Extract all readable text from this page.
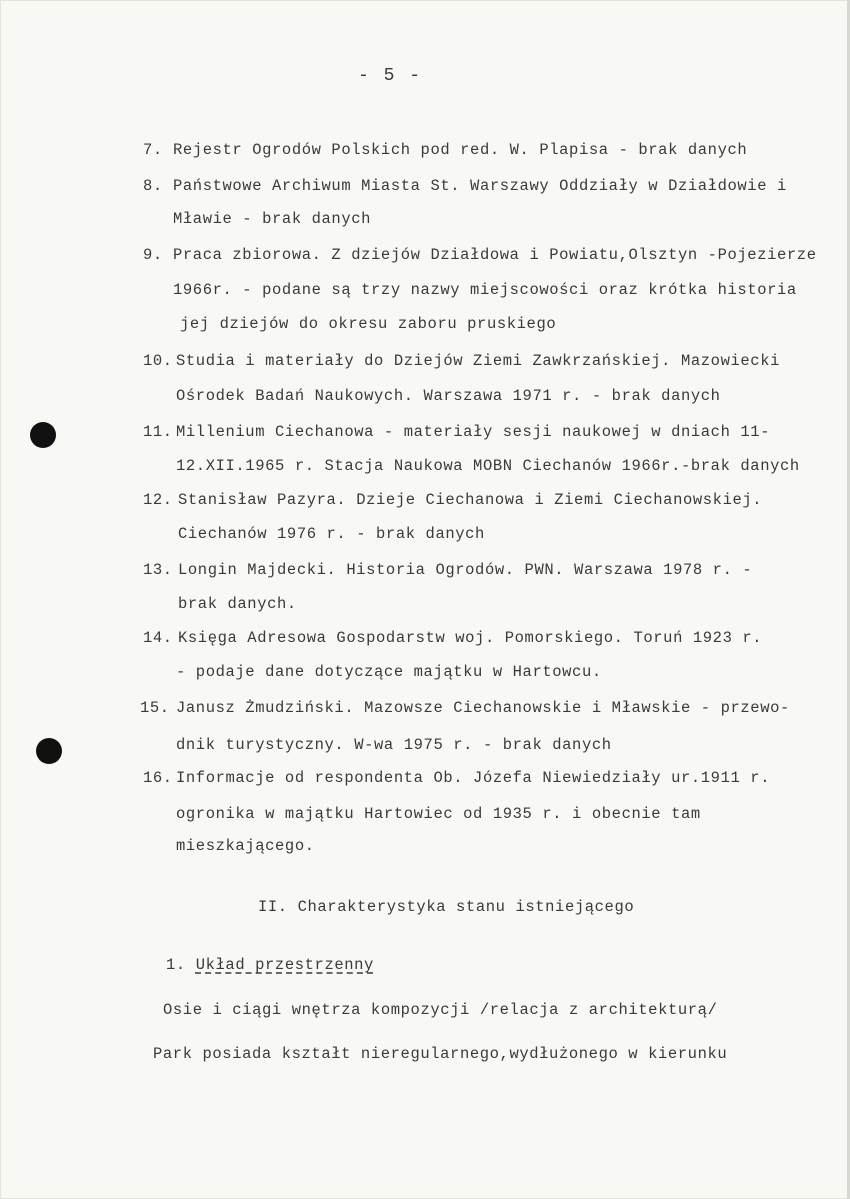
- 5 -
7. Rejestr Ogrodów Polskich pod red. W. Plapisa - brak danych
8. Państwowe Archiwum Miasta St. Warszawy Oddziały w Działdowie i
Mławie - brak danych
9. Praca zbiorowa. Z dziejów Działdowa i Powiatu,Olsztyn -Pojezierze
1966r. - podane są trzy nazwy miejscowości oraz krótka historia
jej dziejów do okresu zaboru pruskiego
10. Studia i materiały do Dziejów Ziemi Zawkrzańskiej. Mazowiecki
Ośrodek Badań Naukowych. Warszawa 1971 r. - brak danych
11. Millenium Ciechanowa - materiały sesji naukowej w dniach 11-
12.XII.1965 r. Stacja Naukowa MOBN Ciechanów 1966r.-brak danych
12. Stanisław Pazyra. Dzieje Ciechanowa i Ziemi Ciechanowskiej.
Ciechanów 1976 r. - brak danych
13. Longin Majdecki. Historia Ogrodów. PWN. Warszawa 1978 r. -
brak danych.
14. Księga Adresowa Gospodarstw woj. Pomorskiego. Toruń 1923 r.
- podaje dane dotyczące majątku w Hartowcu.
15. Janusz Żmudziński. Mazowsze Ciechanowskie i Mławskie - przewo-
dnik turystyczny. W-wa 1975 r. - brak danych
16. Informacje od respondenta Ob. Józefa Niewiedziały ur.1911 r.
ogronika w majątku Hartowiec od 1935 r. i obecnie tam
mieszkającego.
II. Charakterystyka stanu istniejącego
1. Układ przestrzenny
Osie i ciągi wnętrza kompozycji /relacja z architekturą/
Park posiada kształt nieregularnego,wydłużonego w kierunku
